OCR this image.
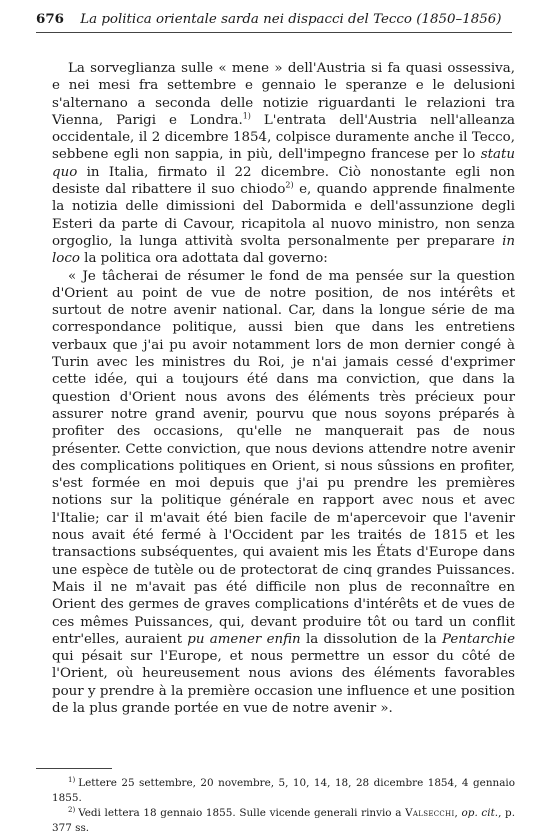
676 La politica orientale sarda nei dispacci del Tecco (1850–1856)

La sorveglianza sulle « mene » dell'Austria si fa quasi ossessiva, e nei mesi fra settembre e gennaio le speranze e le delusioni s'alternano a seconda delle notizie riguardanti le relazioni tra Vienna, Parigi e Londra.$^{1)}$ L'entrata dell'Austria nell'alleanza occidentale, il 2 dicembre 1854, colpisce duramente anche il Tecco, sebbene egli non sappia, in più, dell'impegno francese per lo statu quo in Italia, firmato il 22 dicembre. Ciò nonostante egli non desiste dal ribattere il suo chiodo$^{2)}$ e, quando apprende finalmente la notizia delle dimissioni del Dabormida e dell'assunzione degli Esteri da parte di Cavour, ricapitola al nuovo ministro, non senza orgoglio, la lunga attività svolta personalmente per preparare in loco la politica ora adottata dal governo:

« Je tâcherai de résumer le fond de ma pensée sur la question d'Orient au point de vue de notre position, de nos intérêts et surtout de notre avenir national. Car, dans la longue série de ma correspondance politique, aussi bien que dans les entretiens verbaux que j'ai pu avoir notamment lors de mon dernier congé à Turin avec les ministres du Roi, je n'ai jamais cessé d'exprimer cette idée, qui a toujours été dans ma conviction, que dans la question d'Orient nous avons des éléments très précieux pour assurer notre grand avenir, pourvu que nous soyons préparés à profiter des occasions, qu'elle ne manquerait pas de nous présenter. Cette conviction, que nous devions attendre notre avenir des complications politiques en Orient, si nous sûssions en profiter, s'est formée en moi depuis que j'ai pu prendre les premières notions sur la politique générale en rapport avec nous et avec l'Italie; car il m'avait été bien facile de m'apercevoir que l'avenir nous avait été fermé à l'Occident par les traités de 1815 et les transactions subséquentes, qui avaient mis les États d'Europe dans une espèce de tutèle ou de protectorat de cinq grandes Puissances. Mais il ne m'avait pas été difficile non plus de reconnaître en Orient des germes de graves complications d'intérêts et de vues de ces mêmes Puissances, qui, devant produire tôt ou tard un conflit entr'elles, auraient pu amener enfin la dissolution de la Pentarchie qui pésait sur l'Europe, et nous permettre un essor du côté de l'Orient, où heureusement nous avions des éléments favorables pour y prendre à la première occasion une influence et une position de la plus grande portée en vue de notre avenir ».

$^{1)}$ Lettere 25 settembre, 20 novembre, 5, 10, 14, 18, 28 dicembre 1854, 4 gennaio 1855.

$^{2)}$ Vedi lettera 18 gennaio 1855. Sulle vicende generali rinvio a Valsecchi, op. cit., p. 377 ss.
